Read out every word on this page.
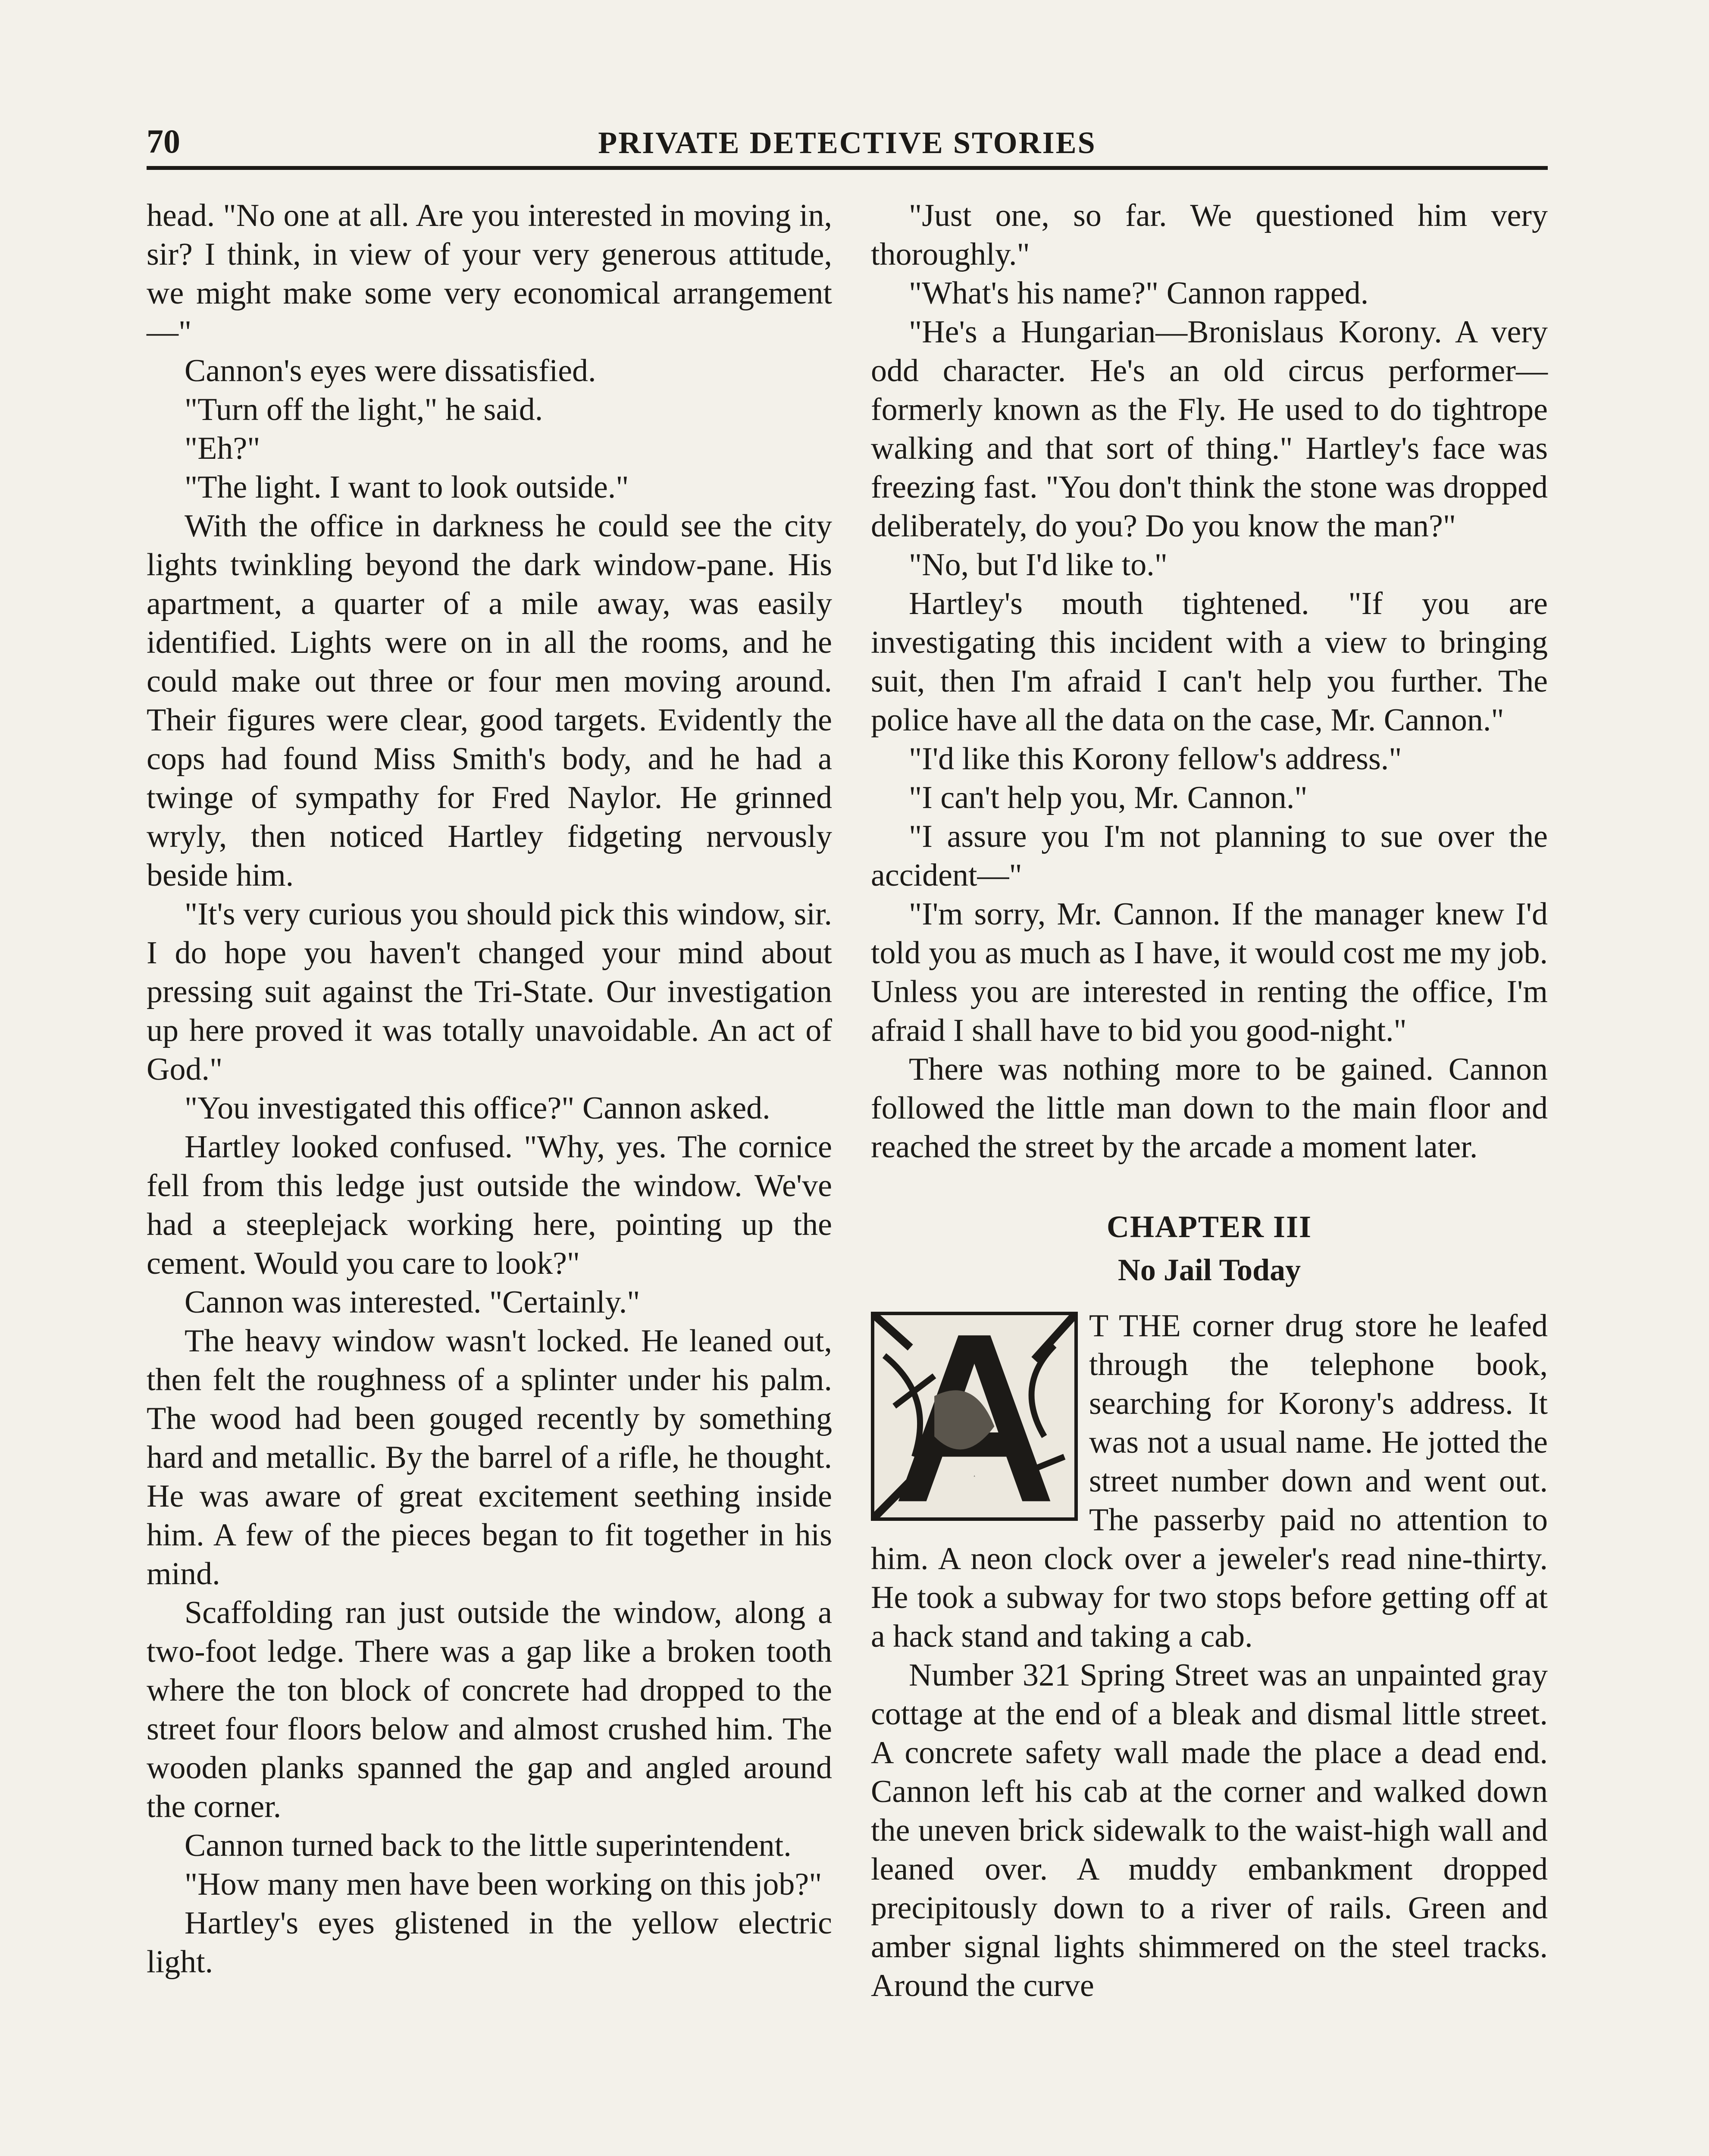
70	PRIVATE DETECTIVE STORIES

head. "No one at all. Are you interested in moving in, sir? I think, in view of your very generous attitude, we might make some very economical arrangement—"

Cannon's eyes were dissatisfied.

"Turn off the light," he said.

"Eh?"

"The light. I want to look outside."

With the office in darkness he could see the city lights twinkling beyond the dark window-pane. His apartment, a quarter of a mile away, was easily identified. Lights were on in all the rooms, and he could make out three or four men moving around. Their figures were clear, good targets. Evidently the cops had found Miss Smith's body, and he had a twinge of sympathy for Fred Naylor. He grinned wryly, then noticed Hartley fidgeting nervously beside him.

"It's very curious you should pick this window, sir. I do hope you haven't changed your mind about pressing suit against the Tri-State. Our investigation up here proved it was totally unavoidable. An act of God."

"You investigated this office?" Cannon asked.

Hartley looked confused. "Why, yes. The cornice fell from this ledge just outside the window. We've had a steeplejack working here, pointing up the cement. Would you care to look?"

Cannon was interested. "Certainly."

The heavy window wasn't locked. He leaned out, then felt the roughness of a splinter under his palm. The wood had been gouged recently by something hard and metallic. By the barrel of a rifle, he thought. He was aware of great excitement seething inside him. A few of the pieces began to fit together in his mind.

Scaffolding ran just outside the window, along a two-foot ledge. There was a gap like a broken tooth where the ton block of concrete had dropped to the street four floors below and almost crushed him. The wooden planks spanned the gap and angled around the corner.

Cannon turned back to the little superintendent.

"How many men have been working on this job?"

Hartley's eyes glistened in the yellow electric light.

"Just one, so far. We questioned him very thoroughly."

"What's his name?" Cannon rapped.

"He's a Hungarian—Bronislaus Korony. A very odd character. He's an old circus performer—formerly known as the Fly. He used to do tightrope walking and that sort of thing." Hartley's face was freezing fast. "You don't think the stone was dropped deliberately, do you? Do you know the man?"

"No, but I'd like to."

Hartley's mouth tightened. "If you are investigating this incident with a view to bringing suit, then I'm afraid I can't help you further. The police have all the data on the case, Mr. Cannon."

"I'd like this Korony fellow's address."

"I can't help you, Mr. Cannon."

"I assure you I'm not planning to sue over the accident—"

"I'm sorry, Mr. Cannon. If the manager knew I'd told you as much as I have, it would cost me my job. Unless you are interested in renting the office, I'm afraid I shall have to bid you good-night."

There was nothing more to be gained. Cannon followed the little man down to the main floor and reached the street by the arcade a moment later.

CHAPTER III
No Jail Today
A

T THE corner drug store he leafed through the telephone book, searching for Korony's address. It was not a usual name. He jotted the street number down and went out. The passerby paid no attention to him. A neon clock over a jeweler's read nine-thirty. He took a subway for two stops before getting off at a hack stand and taking a cab.

Number 321 Spring Street was an unpainted gray cottage at the end of a bleak and dismal little street. A concrete safety wall made the place a dead end. Cannon left his cab at the corner and walked down the uneven brick sidewalk to the waist-high wall and leaned over. A muddy embankment dropped precipitously down to a river of rails. Green and amber signal lights shimmered on the steel tracks. Around the curve
